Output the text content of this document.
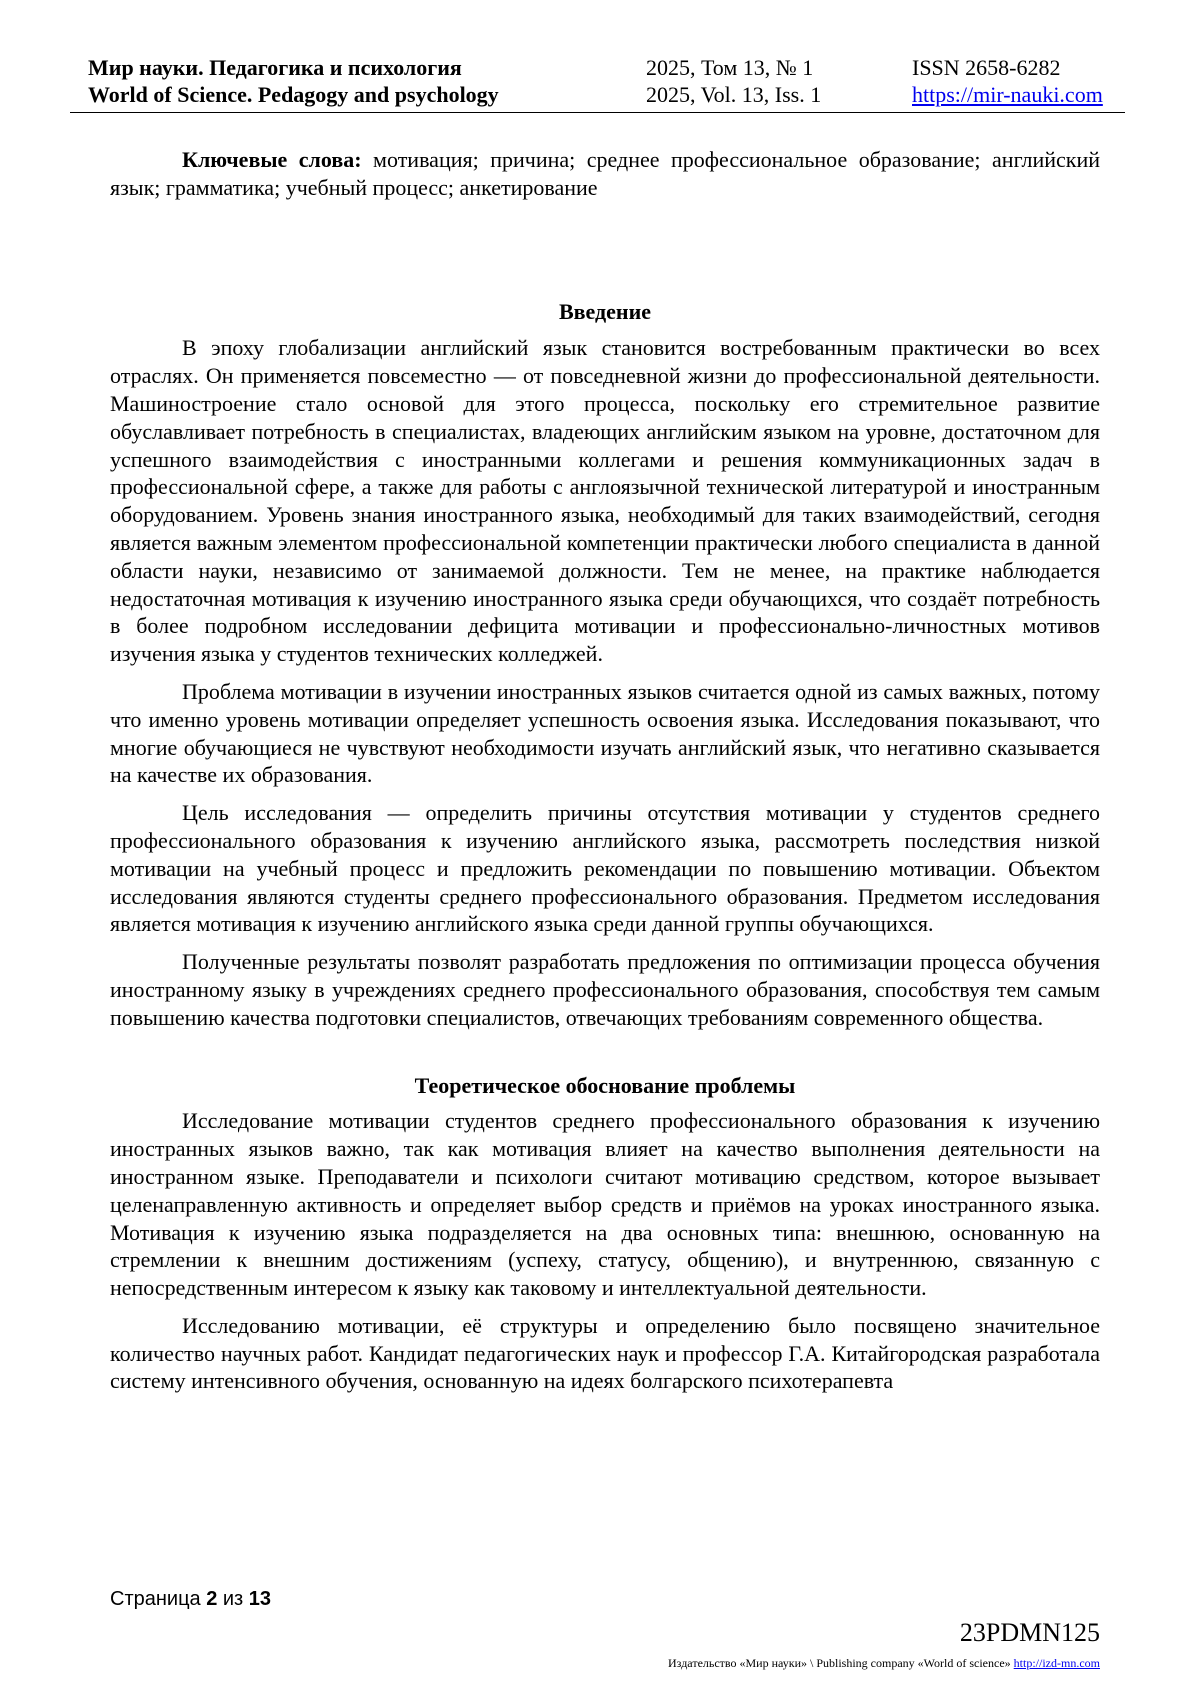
Мир науки. Педагогика и психология
World of Science. Pedagogy and psychology
2025, Том 13, № 1
2025, Vol. 13, Iss. 1
ISSN 2658-6282
https://mir-nauki.com

Ключевые слова: мотивация; причина; среднее профессиональное образование; английский язык; грамматика; учебный процесс; анкетирование

Введение

В эпоху глобализации английский язык становится востребованным практически во всех отраслях. Он применяется повсеместно — от повседневной жизни до профессиональной деятельности. Машиностроение стало основой для этого процесса, поскольку его стремительное развитие обуславливает потребность в специалистах, владеющих английским языком на уровне, достаточном для успешного взаимодействия с иностранными коллегами и решения коммуникационных задач в профессиональной сфере, а также для работы с англоязычной технической литературой и иностранным оборудованием. Уровень знания иностранного языка, необходимый для таких взаимодействий, сегодня является важным элементом профессиональной компетенции практически любого специалиста в данной области науки, независимо от занимаемой должности. Тем не менее, на практике наблюдается недостаточная мотивация к изучению иностранного языка среди обучающихся, что создаёт потребность в более подробном исследовании дефицита мотивации и профессионально-личностных мотивов изучения языка у студентов технических колледжей.

Проблема мотивации в изучении иностранных языков считается одной из самых важных, потому что именно уровень мотивации определяет успешность освоения языка. Исследования показывают, что многие обучающиеся не чувствуют необходимости изучать английский язык, что негативно сказывается на качестве их образования.

Цель исследования — определить причины отсутствия мотивации у студентов среднего профессионального образования к изучению английского языка, рассмотреть последствия низкой мотивации на учебный процесс и предложить рекомендации по повышению мотивации. Объектом исследования являются студенты среднего профессионального образования. Предметом исследования является мотивация к изучению английского языка среди данной группы обучающихся.

Полученные результаты позволят разработать предложения по оптимизации процесса обучения иностранному языку в учреждениях среднего профессионального образования, способствуя тем самым повышению качества подготовки специалистов, отвечающих требованиям современного общества.

Теоретическое обоснование проблемы

Исследование мотивации студентов среднего профессионального образования к изучению иностранных языков важно, так как мотивация влияет на качество выполнения деятельности на иностранном языке. Преподаватели и психологи считают мотивацию средством, которое вызывает целенаправленную активность и определяет выбор средств и приёмов на уроках иностранного языка. Мотивация к изучению языка подразделяется на два основных типа: внешнюю, основанную на стремлении к внешним достижениям (успеху, статусу, общению), и внутреннюю, связанную с непосредственным интересом к языку как таковому и интеллектуальной деятельности.

Исследованию мотивации, её структуры и определению было посвящено значительное количество научных работ. Кандидат педагогических наук и профессор Г.А. Китайгородская разработала систему интенсивного обучения, основанную на идеях болгарского психотерапевта

Страница 2 из 13
23PDMN125
Издательство «Мир науки» \ Publishing company «World of science» http://izd-mn.com
